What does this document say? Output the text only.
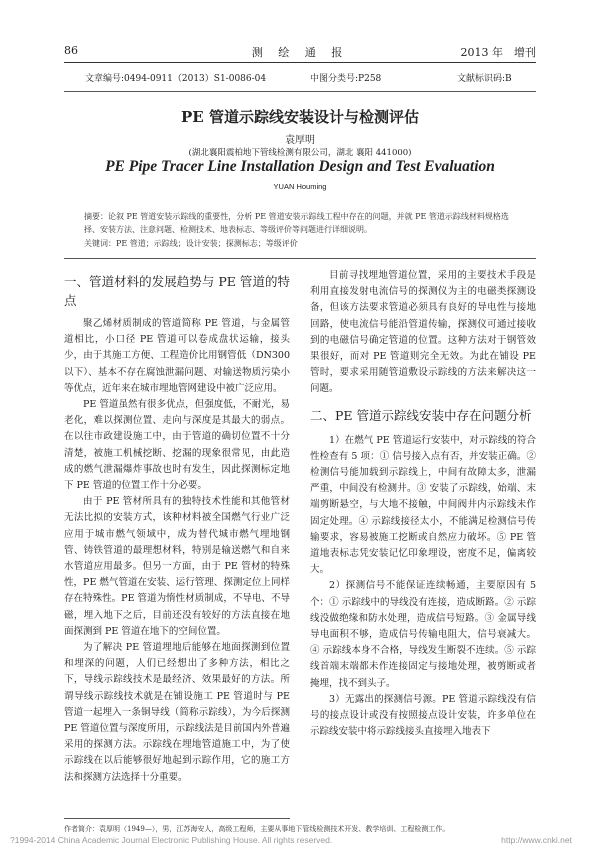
86	测 绘 通 报	2013 年　增刊
文章编号:0494-0911（2013）S1-0086-04	中图分类号:P258	文献标识码:B
PE 管道示踪线安装设计与检测评估
袁厚明
(湖北襄阳震柏地下管线检测有限公司，湖北 襄阳 441000)
PE Pipe Tracer Line Installation Design and Test Evaluation
YUAN Houming
摘要：论叙 PE 管道安装示踪线的重要性，分析 PE 管道安装示踪线工程中存在的问题，并就 PE 管道示踪线材料规格选择、安装方法、注意问题、检测技术、地表标志、等级评价等问题进行详细说明。
关键词：PE 管道；示踪线；设计安装；探测标志；等级评价
一、管道材料的发展趋势与 PE 管道的特点

聚乙烯材质制成的管道简称 PE 管道，与金属管道相比，小口径 PE 管道可以卷成盘状运输，接头少，由于其施工方便、工程造价比用钢管低（DN300 以下）、基本不存在腐蚀泄漏问题、对输送物质污染小等优点，近年来在城市埋地管网建设中被广泛应用。

PE 管道虽然有很多优点，但强度低，不耐光，易老化，难以探测位置、走向与深度是其最大的弱点。在以往市政建设施工中，由于管道的确切位置不十分清楚，被施工机械挖断、挖漏的现象很常见，由此造成的燃气泄漏爆炸事故也时有发生，因此探测标定地下 PE 管道的位置工作十分必要。

由于 PE 管材所具有的独特技术性能和其他管材无法比拟的安装方式，该种材料被全国燃气行业广泛应用于城市燃气领域中，成为替代城市燃气埋地钢管、铸铁管道的最理想材料，特别是输送燃气和自来水管道应用最多。但另一方面，由于 PE 管材的特殊性，PE 燃气管道在安装、运行管理、探测定位上同样存在特殊性。PE 管道为惰性材质制成，不导电、不导磁，埋入地下之后，目前还没有较好的方法直接在地面探测到 PE 管道在地下的空间位置。

为了解决 PE 管道埋地后能够在地面探测到位置和埋深的问题，人们已经想出了多种方法，相比之下，导线示踪线技术是最经济、效果最好的方法。所谓导线示踪线技术就是在铺设施工 PE 管道时与 PE 管道一起埋入一条铜导线（简称示踪线），为今后探测 PE 管道位置与深度所用，示踪线法是目前国内外普遍采用的探测方法。示踪线在埋地管道施工中，为了使示踪线在以后能够很好地起到示踪作用，它的施工方法和探测方法选择十分重要。

目前寻找埋地管道位置，采用的主要技术手段是利用直接发射电流信号的探测仪为主的电磁类探测设备，但该方法要求管道必须具有良好的导电性与接地回路，使电流信号能沿管道传输，探测仪可通过接收到的电磁信号确定管道的位置。这种方法对于钢管效果很好，而对 PE 管道则完全无效。为此在铺设 PE 管时，要求采用随管道敷设示踪线的方法来解决这一问题。

二、PE 管道示踪线安装中存在问题分析

1）在燃气 PE 管道运行安装中，对示踪线的符合性检查有 5 项：① 信号接入点有否，并安装正确。② 检测信号能加载到示踪线上，中间有故障太多，泄漏严重，中间没有检测井。③ 安装了示踪线，始端、末端剪断悬空，与大地不接触，中间阀井内示踪线未作固定处理。④ 示踪线接径太小，不能满足检测信号传输要求，容易被施工挖断或自然应力破坏。⑤ PE 管道地表标志凭安装记忆印象埋设，密度不足，偏离较大。

2）探测信号不能保证连续畅通，主要原因有 5 个：① 示踪线中的导线没有连接，造成断路。② 示踪线没做绝缘和防水处理，造成信号短路。③ 金属导线导电面积不够，造成信号传输电阻大，信号衰减大。④ 示踪线本身不合格，导线发生断裂不连续。⑤ 示踪线首端末端都未作连接固定与接地处理，被剪断或者掩埋，找不到头子。

3）无露出的探测信号源。PE 管道示踪线没有信号的接点设计或没有按照接点设计安装，许多单位在示踪线安装中将示踪线接头直接埋入地表下

作者简介：袁厚明（1949—），男，江苏海安人，高级工程师，主要从事地下管线检测技术开发、教学培训、工程检测工作。
?1994-2014 China Academic Journal Electronic Publishing House. All rights reserved.	http://www.cnki.net
